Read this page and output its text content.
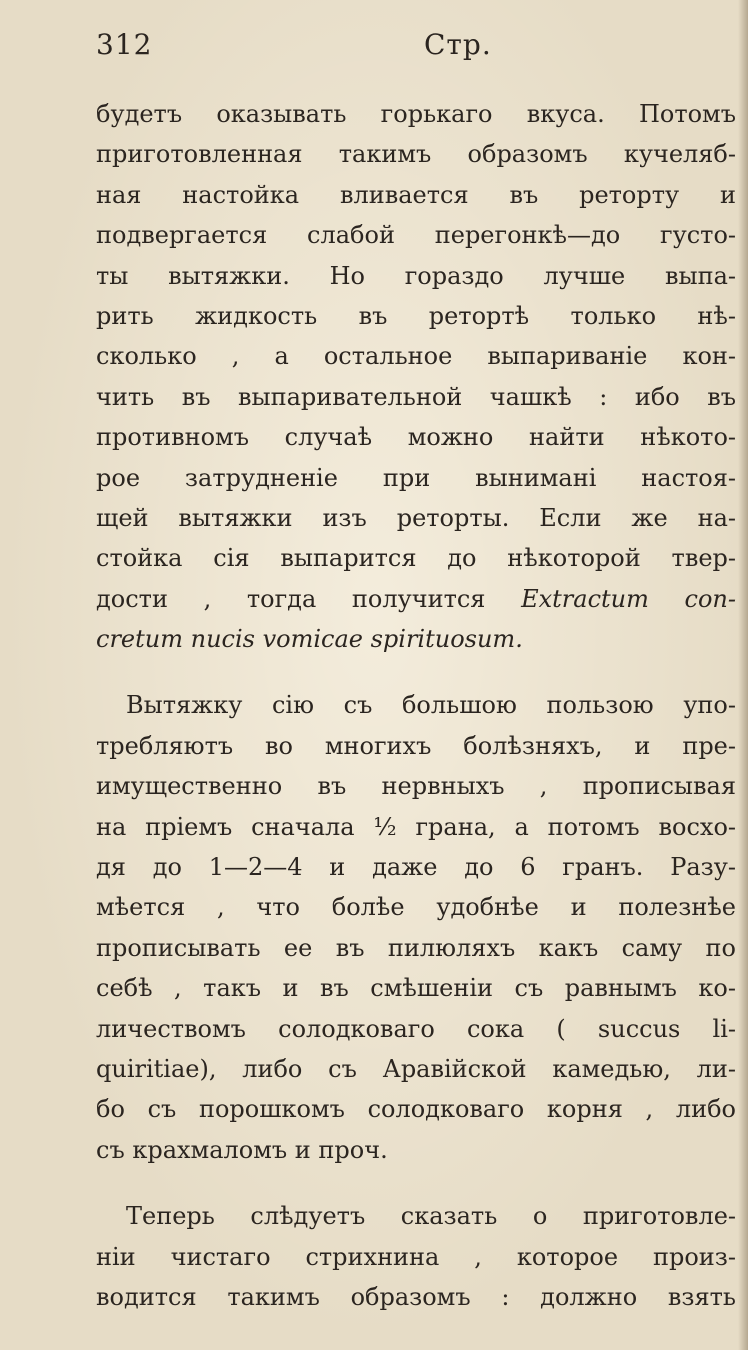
312	Стр.
будетъ оказывать горькаго вкуса. Потомъ
приготовленная такимъ образомъ кучеляб-
ная настойка вливается въ реторту и
подвергается слабой перегонкѣ—до густо-
ты вытяжки. Но гораздо лучше выпа-
рить жидкость въ ретортѣ только нѣ-
сколько , а остальное выпариваніе кон-
чить въ выпаривательной чашкѣ : ибо въ
противномъ случаѣ можно найти нѣкото-
рое затрудненіе при вынимані настоя-
щей вытяжки изъ реторты. Если же на-
стойка сія выпарится до нѣкоторой твер-
дости , тогда получится Extractum con-
cretum nucis vomicae spirituosum.
Вытяжку сію съ большою пользою упо-
требляютъ во многихъ болѣзняхъ, и пре-
имущественно въ нервныхъ , прописывая
на пріемъ сначала ½ грана, а потомъ восхо-
дя до 1—2—4 и даже до 6 гранъ. Разу-
мѣется , что болѣе удобнѣе и полезнѣе
прописывать ее въ пилюляхъ какъ саму по
себѣ , такъ и въ смѣшеніи съ равнымъ ко-
личествомъ солодковаго сока ( succus li-
quiritiae), либо съ Аравійской камедью, ли-
бо съ порошкомъ солодковаго корня , либо
съ крахмаломъ и проч.
Теперь слѣдуетъ сказать о приготовле-
ніи чистаго стрихнина , которое произ-
водится такимъ образомъ : должно взять
